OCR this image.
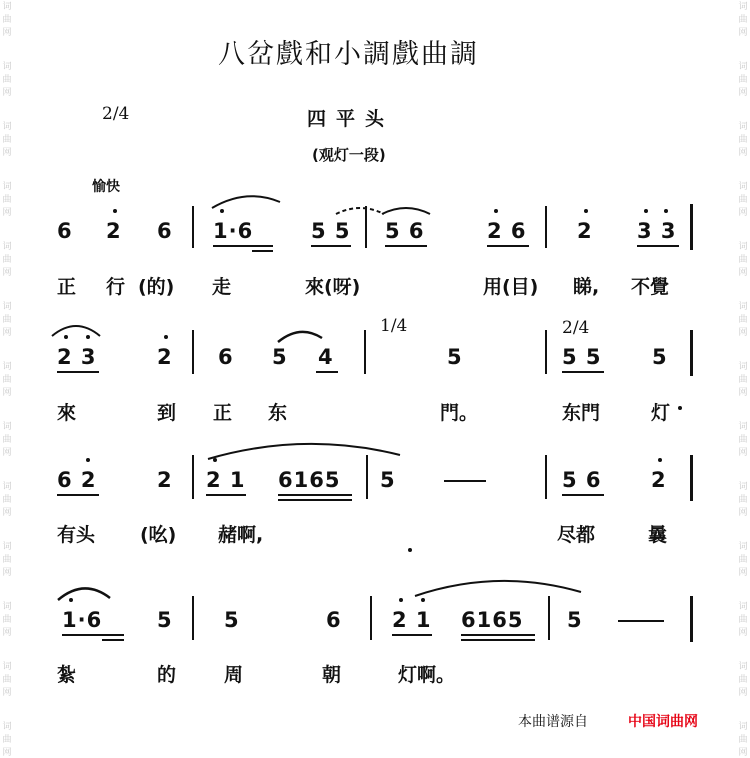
词
曲
网
词
曲
网
词
曲
网
词
曲
网
词
曲
网
词
曲
网
词
曲
网
词
曲
网
词
曲
网
词
曲
网
词
曲
网
词
曲
网
词
曲
网
词
曲
网
词
曲
网
词
曲
网
词
曲
网
词
曲
网
词
曲
网
词
曲
网
词
曲
网
词
曲
网
词
曲
网
词
曲
网
词
曲
网
词
曲
网
八岔戲和小調戲曲調
2/4	四平头
(观灯一段)
愉快
6 2 6 1·6	5 5 5 6	2 6 2 3 3
正 行 (的) 走	來(呀)	用(目) 睇, 不覺
2 3	2 6 5 4
1/4
5
2/4
5 5 5
來	到 正 东	門。	东門	灯
6 2	2 2 1 6165 5	5 6 2
有头 (吆) 赭啊,	尽都	曩
1·6	5 5	6 2 1 6165 5
紮	的	周	朝	灯啊。
本曲谱源自	中国词曲网
